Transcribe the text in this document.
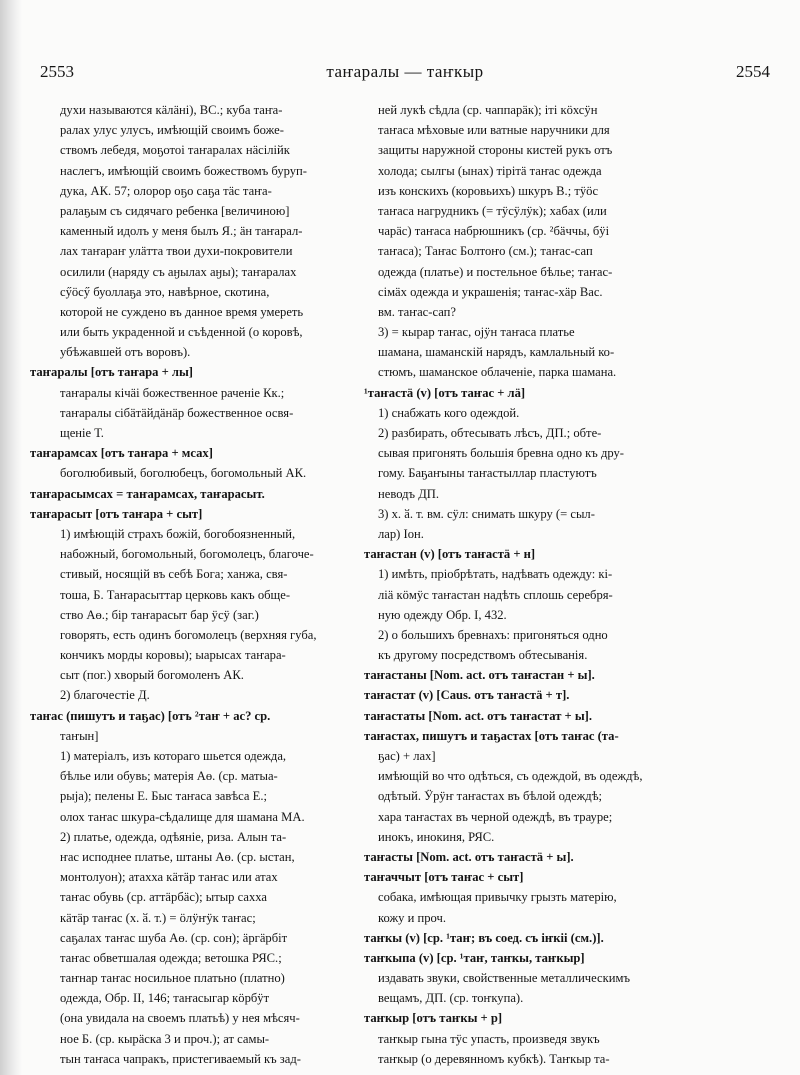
2553	таҥаралы — таҥкыр	2554
духи называются кӓлӓні), ВС.; куба таҥа-
ралах улус улусъ, имѣющій своимъ боже-
ствомъ лебедя, моҕотоі таҥаралах нӓсілійк
наслегъ, имѣющій своимъ божествомъ буруп-
дука, АК. 57; олорор оҕо саҕа тӓс таҥа-
ралаҕым съ сидячаго ребенка [величиною]
каменный идолъ у меня былъ Я.; ӓн таҥарал-
лах таҥараҥ улӓтта твои духи-покровители
осилили (наряду съ аӈылах аӈы); таҥаралах
сӳӧсӳ буоллаҕа это, навѣрное, скотина,
которой не суждено въ данное время умереть
или быть украденной и съѣденной (о коровѣ,
убѣжавшей отъ воровъ).
таҥаралы [отъ таҥара + лы]
таҥаралы кічӓі божественное раченіе Кк.;
таҥаралы сібӓтӓйдӓнӓр божественное освя-
щеніе Т.
таҥарамсах [отъ таҥара + мсах]
боголюбивый, боголюбецъ, богомольный АК.
таҥарасымсах = таҥарамсах, таҥарасыт.
таҥарасыт [отъ таҥара + сыт]
1) имѣющій страхъ божій, богобоязненный,
набожный, богомольный, богомолецъ, благоче-
стивый, носящій въ себѣ Бога; ханжа, свя-
тоша, Б. Таҥарасыттар церковь какъ обще-
ство Аө.; бір таҥарасыт бар ӱсӱ (заг.)
говорять, есть одинъ богомолецъ (верхняя губа,
кончикъ морды коровы); ыарысах таҥара-
сыт (пог.) хворый богомоленъ АК.
2) благочестіе Д.
таҥас (пишутъ и таҕас) [отъ ²таҥ + ас? ср.
таҥын]
1) матеріалъ, изъ котораго шьется одежда,
бѣлье или обувь; матерія Аө. (ср. матыа-
рыја); пелены Е. Быс таҥаса завѣса Е.;
олох таҥас шкура-сѣдалище для шамана МА.
2) платье, одежда, одѣяніе, риза. Алын та-
ҥас исподнее платье, штаны Аө. (ср. ыстан,
монтолуон); атахха кӓтӓр таҥас или атах
таҥас обувь (ср. аттӓрбӓс); ытыр сахха
кӓтӓр таҥас (х. ӑ. т.) = ӧлӱҥӱк таҥас;
саҕалах таҥас шуба Аө. (ср. сон); ӓргӓрбіт
таҥас обветшалая одежда; ветошка РЯС.;
таҥнар таҥас носильное платьно (платно)
одежда, Обр. II, 146; таҥасыгар кӧрбӱт
(она увидала на своемъ платьѣ) у нея мѣсяч-
ное Б. (ср. кырӓска 3 и проч.); ат самы-
тын таҥаса чапракъ, пристегиваемый къ зад-
ней лукѣ сѣдла (ср. чаппарӓк); іті кӧхсӱн
таҥаса мѣховые или ватные наручники для
защиты наружной стороны кистей рукъ отъ
холода; сылгы (ынах) тірітӓ таҥас одежда
изъ конскихъ (коровьихъ) шкуръ В.; тӱӧс
таҥаса нагрудникъ (= тӱсӱлӱк); хабах (или
чарӓс) таҥаса набрюшникъ (ср. ²бӓччы, бӱі
таҥаса); Таҥас Болтоҥо (см.); таҥас-сап
одежда (платье) и постельное бѣлье; таҥас-
сімӓх одежда и украшенія; таҥас-хӓр Вас.
вм. таҥас-сап?
3) = кырар таҥас, ојӱн таҥаса платье
шамана, шаманскій нарядъ, камлальный ко-
стюмъ, шаманское облаченіе, парка шамана.
¹таҥастӓ (v) [отъ таҥас + лӓ]
1) снабжать кого одеждой.
2) разбирать, обтесывать лѣсъ, ДП.; обте-
сывая пригонять большія бревна одно къ дру-
гому. Баҕаҥыны таҥастыллар пластуютъ
неводъ ДП.
3) х. ӑ. т. вм. сӱл: снимать шкуру (= сыл-
лар) Іон.
таҥастан (v) [отъ таҥастӓ + н]
1) имѣть, пріобрѣтать, надѣвать одежду: кі-
ліӓ кӧмӱс таҥастан надѣть сплошь серебря-
ную одежду Обр. I, 432.
2) о большихъ бревнахъ: пригоняться одно
къ другому посредствомъ обтесыванія.
таҥастаны [Nom. act. отъ таҥастан + ы].
таҥастат (v) [Caus. отъ таҥастӓ + т].
таҥастаты [Nom. act. отъ таҥастат + ы].
таҥастах, пишутъ и таҕастах [отъ таҥас (та-
ҕас) + лах]
имѣющій во что одѣться, съ одеждой, въ одеждѣ,
одѣтый. Ӱрӱҥ таҥастах въ бѣлой одеждѣ;
хара таҥастах въ черной одеждѣ, въ трауре;
инокъ, инокиня, РЯС.
таҥасты [Nom. act. отъ таҥастӓ + ы].
таҥаччыт [отъ таҥас + сыт]
собака, имѣющая привычку грызть матерію,
кожу и проч.
таҥкы (v) [ср. ¹таҥ; въ соед. съ іҥкіі (см.)].
таҥкыпа (v) [ср. ¹таҥ, таҥкы, таҥкыр]
издавать звуки, свойственные металлическимъ
вещамъ, ДП. (ср. тоҥкупа).
таҥкыр [отъ таҥкы + р]
таҥкыр гына тӱс упасть, произведя звукъ
таҥкыр (о деревянномъ кубкѣ). Таҥкыр та-
